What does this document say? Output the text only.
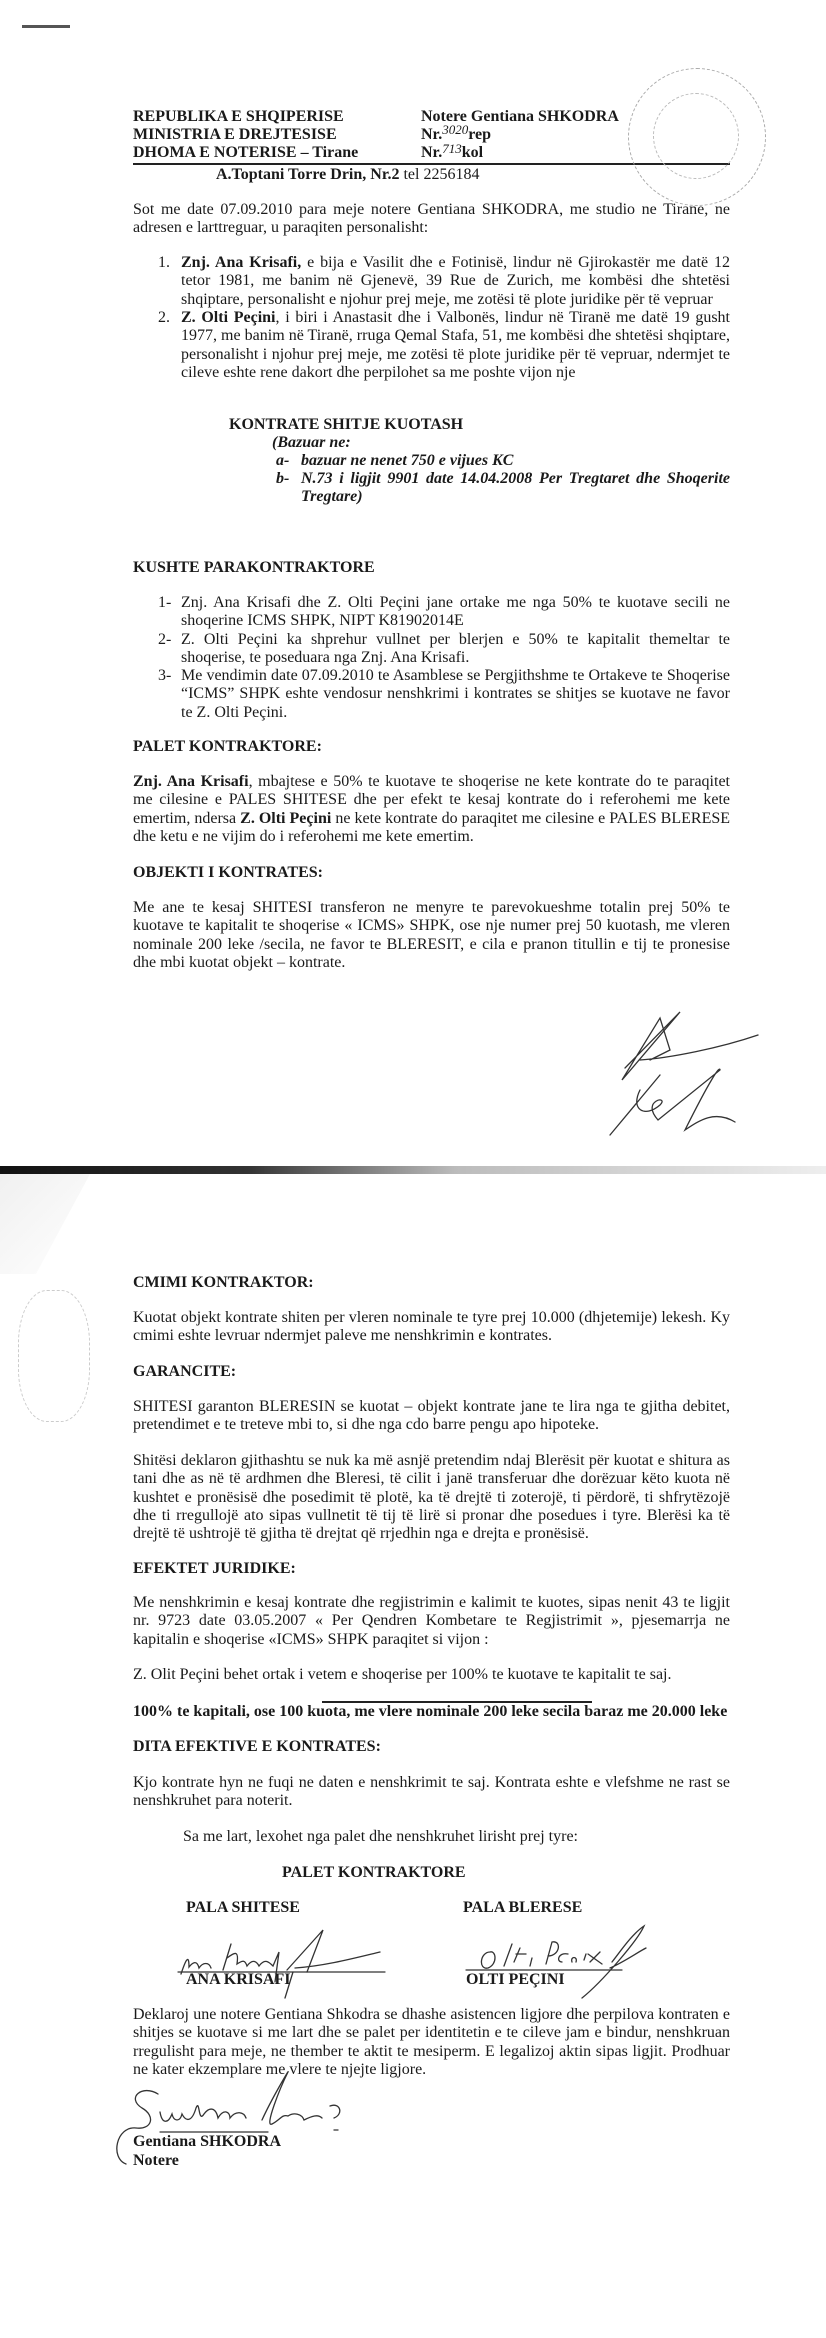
REPUBLIKA E SHQIPERISE
MINISTRIA E DREJTESISE
DHOMA E NOTERISE – Tirane
Notere Gentiana SHKODRA
Nr.$^{3020}$rep
Nr.$^{713}$kol
A.Toptani Torre Drin, Nr.2 tel 2256184
Sot me date 07.09.2010 para meje notere Gentiana SHKODRA, me studio ne Tirane, ne adresen e larttreguar, u paraqiten personalisht:
1. Znj. Ana Krisafi, e bija e Vasilit dhe e Fotinisë, lindur në Gjirokastër me datë 12 tetor 1981, me banim në Gjenevë, 39 Rue de Zurich, me kombësi dhe shtetësi shqiptare, personalisht e njohur prej meje, me zotësi të plote juridike për të vepruar
2. Z. Olti Peçini, i biri i Anastasit dhe i Valbonës, lindur në Tiranë me datë 19 gusht 1977, me banim në Tiranë, rruga Qemal Stafa, 51, me kombësi dhe shtetësi shqiptare, personalisht i njohur prej meje, me zotësi të plote juridike për të vepruar, ndermjet te cileve eshte rene dakort dhe perpilohet sa me poshte vijon nje
KONTRATE SHITJE KUOTASH
(Bazuar ne:
a- bazuar ne nenet 750 e vijues KC
b- N.73 i ligjit 9901 date 14.04.2008 Per Tregtaret dhe Shoqerite Tregtare)
KUSHTE PARAKONTRAKTORE
1- Znj. Ana Krisafi dhe Z. Olti Peçini jane ortake me nga 50% te kuotave secili ne shoqerine ICMS SHPK, NIPT K81902014E
2- Z. Olti Peçini ka shprehur vullnet per blerjen e 50% te kapitalit themeltar te shoqerise, te poseduara nga Znj. Ana Krisafi.
3- Me vendimin date 07.09.2010 te Asamblese se Pergjithshme te Ortakeve te Shoqerise “ICMS” SHPK eshte vendosur nenshkrimi i kontrates se shitjes se kuotave ne favor te Z. Olti Peçini.
PALET KONTRAKTORE:
Znj. Ana Krisafi, mbajtese e 50% te kuotave te shoqerise ne kete kontrate do te paraqitet me cilesine e PALES SHITESE dhe per efekt te kesaj kontrate do i referohemi me kete emertim, ndersa Z. Olti Peçini ne kete kontrate do paraqitet me cilesine e PALES BLERESE dhe ketu e ne vijim do i referohemi me kete emertim.
OBJEKTI I KONTRATES:
Me ane te kesaj SHITESI transferon ne menyre te parevokueshme totalin prej 50% te kuotave te kapitalit te shoqerise « ICMS» SHPK, ose nje numer prej 50 kuotash, me vleren nominale 200 leke /secila, ne favor te BLERESIT, e cila e pranon titullin e tij te pronesise dhe mbi kuotat objekt – kontrate.
CMIMI KONTRAKTOR:
Kuotat objekt kontrate shiten per vleren nominale te tyre prej 10.000 (dhjetemije) lekesh. Ky cmimi eshte levruar ndermjet paleve me nenshkrimin e kontrates.
GARANCITE:
SHITESI garanton BLERESIN se kuotat – objekt kontrate jane te lira nga te gjitha debitet, pretendimet e te treteve mbi to, si dhe nga cdo barre pengu apo hipoteke.
Shitësi deklaron gjithashtu se nuk ka më asnjë pretendim ndaj Blerësit për kuotat e shitura as tani dhe as në të ardhmen dhe Bleresi, të cilit i janë transferuar dhe dorëzuar këto kuota në kushtet e pronësisë dhe posedimit të plotë, ka të drejtë ti zoterojë, ti përdorë, ti shfrytëzojë dhe ti rregullojë ato sipas vullnetit të tij të lirë si pronar dhe posedues i tyre. Blerësi ka të drejtë të ushtrojë të gjitha të drejtat që rrjedhin nga e drejta e pronësisë.
EFEKTET JURIDIKE:
Me nenshkrimin e kesaj kontrate dhe regjistrimin e kalimit te kuotes, sipas nenit 43 te ligjit nr. 9723 date 03.05.2007 « Per Qendren Kombetare te Regjistrimit », pjesemarrja ne kapitalin e shoqerise «ICMS» SHPK paraqitet si vijon :
Z. Olit Peçini behet ortak i vetem e shoqerise per 100% te kuotave te kapitalit te saj.
100% te kapitali, ose 100 kuota, me vlere nominale 200 leke secila baraz me 20.000 leke
DITA EFEKTIVE E KONTRATES:
Kjo kontrate hyn ne fuqi ne daten e nenshkrimit te saj. Kontrata eshte e vlefshme ne rast se nenshkruhet para noterit.
Sa me lart, lexohet nga palet dhe nenshkruhet lirisht prej tyre:
PALET KONTRAKTORE
PALA SHITESE	PALA BLERESE
ANA KRISAFI	OLTI PEÇINI
Deklaroj une notere Gentiana Shkodra se dhashe asistencen ligjore dhe perpilova kontraten e shitjes se kuotave si me lart dhe se palet per identitetin e te cileve jam e bindur, nenshkruan rregulisht para meje, ne thember te aktit te mesiperm. E legalizoj aktin sipas ligjit. Prodhuar ne kater ekzemplare me vlere te njejte ligjore.
Gentiana SHKODRA
Notere
